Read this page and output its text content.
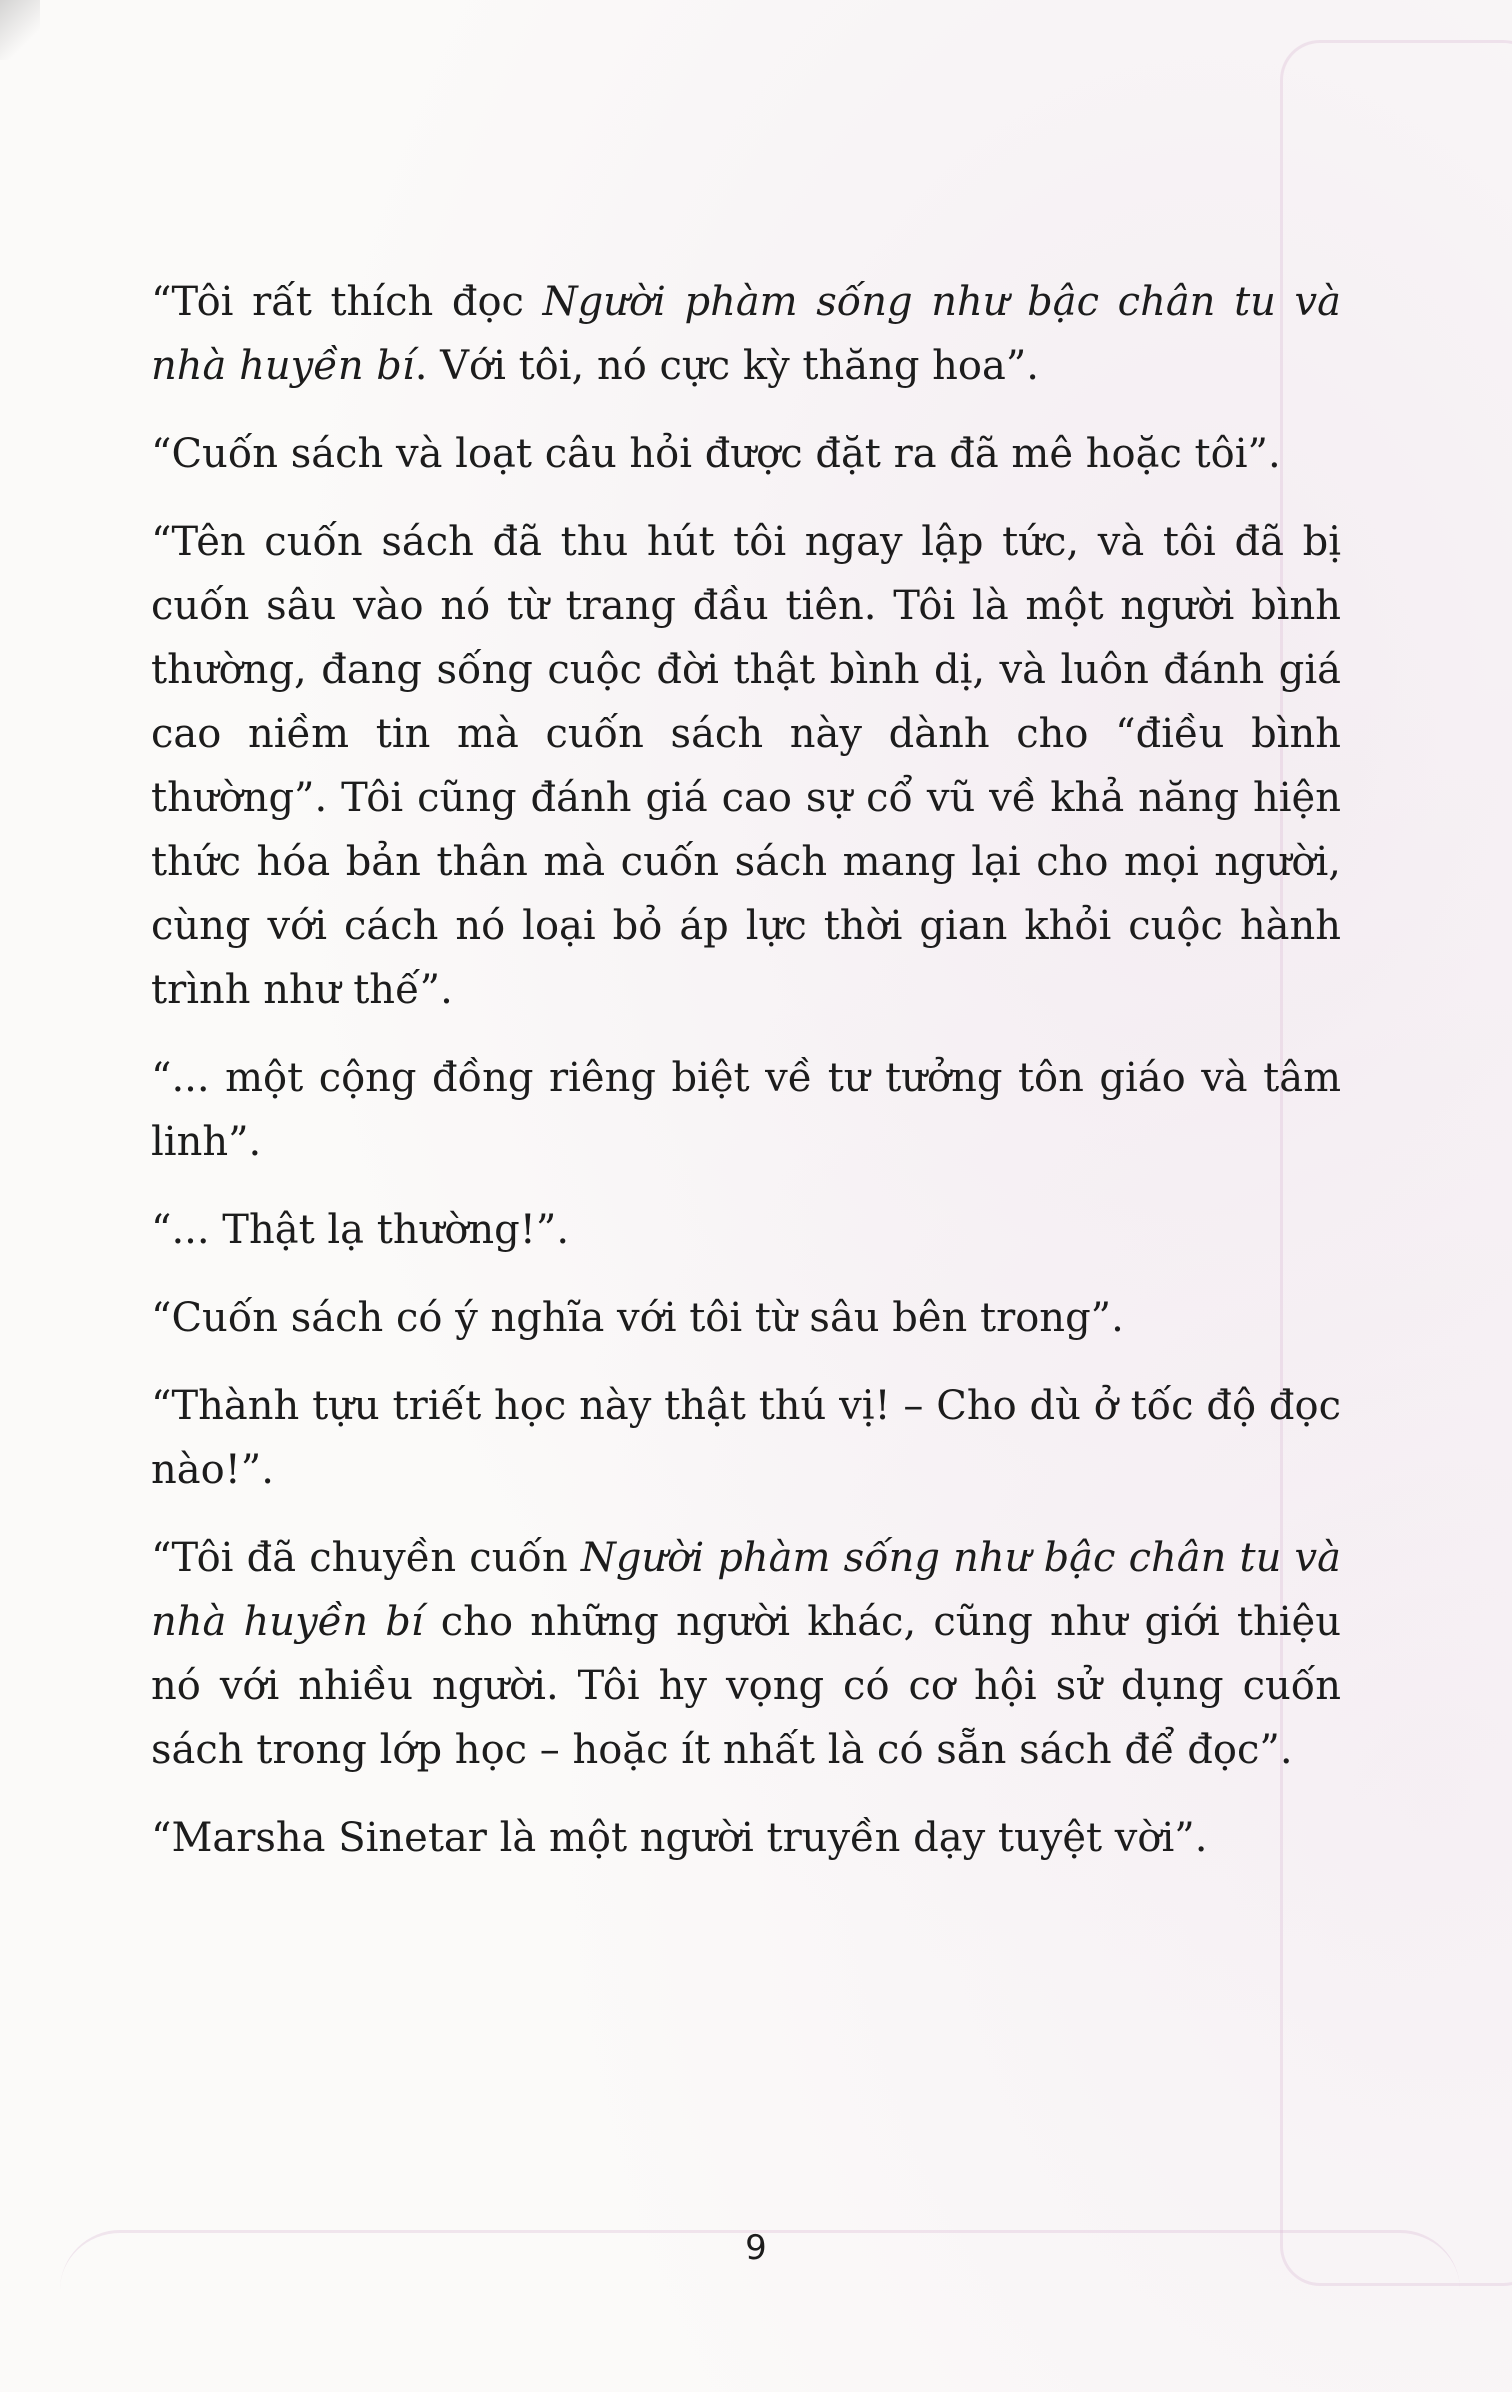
“Tôi rất thích đọc Người phàm sống như bậc chân tu và nhà huyền bí. Với tôi, nó cực kỳ thăng hoa”.

“Cuốn sách và loạt câu hỏi được đặt ra đã mê hoặc tôi”.

“Tên cuốn sách đã thu hút tôi ngay lập tức, và tôi đã bị cuốn sâu vào nó từ trang đầu tiên. Tôi là một người bình thường, đang sống cuộc đời thật bình dị, và luôn đánh giá cao niềm tin mà cuốn sách này dành cho “điều bình thường”. Tôi cũng đánh giá cao sự cổ vũ về khả năng hiện thức hóa bản thân mà cuốn sách mang lại cho mọi người, cùng với cách nó loại bỏ áp lực thời gian khỏi cuộc hành trình như thế”.

“... một cộng đồng riêng biệt về tư tưởng tôn giáo và tâm linh”.

“... Thật lạ thường!”.

“Cuốn sách có ý nghĩa với tôi từ sâu bên trong”.

“Thành tựu triết học này thật thú vị! – Cho dù ở tốc độ đọc nào!”.

“Tôi đã chuyền cuốn Người phàm sống như bậc chân tu và nhà huyền bí cho những người khác, cũng như giới thiệu nó với nhiều người. Tôi hy vọng có cơ hội sử dụng cuốn sách trong lớp học – hoặc ít nhất là có sẵn sách để đọc”.

“Marsha Sinetar là một người truyền dạy tuyệt vời”.

9
